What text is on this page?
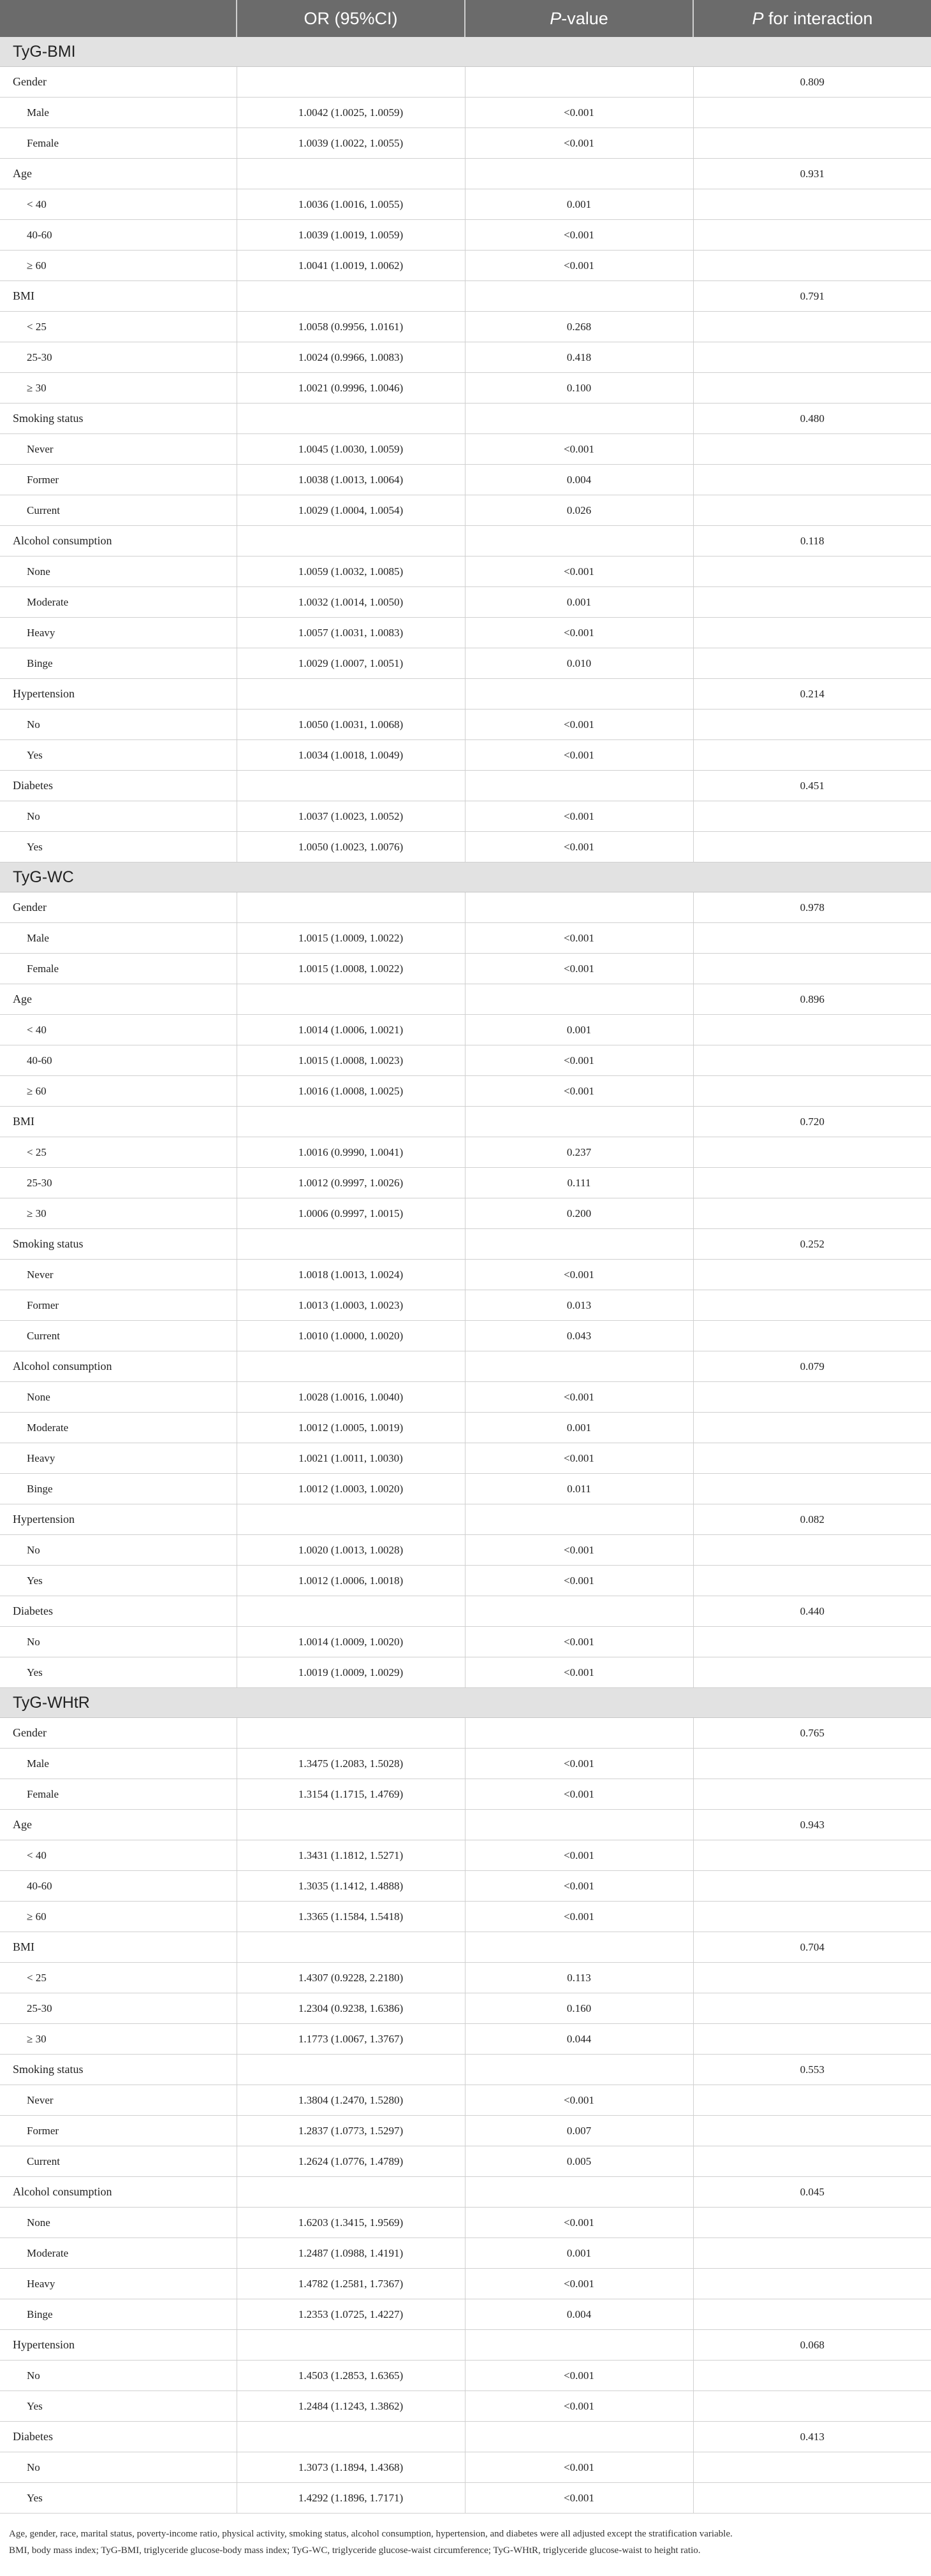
	OR (95%CI)	P-value	P for interaction
TyG-BMI			
Gender			0.809
Male	1.0042 (1.0025, 1.0059)	<0.001	
Female	1.0039 (1.0022, 1.0055)	<0.001	
Age			0.931
< 40	1.0036 (1.0016, 1.0055)	0.001	
40-60	1.0039 (1.0019, 1.0059)	<0.001	
≥ 60	1.0041 (1.0019, 1.0062)	<0.001	
BMI			0.791
< 25	1.0058 (0.9956, 1.0161)	0.268	
25-30	1.0024 (0.9966, 1.0083)	0.418	
≥ 30	1.0021 (0.9996, 1.0046)	0.100	
Smoking status			0.480
Never	1.0045 (1.0030, 1.0059)	<0.001	
Former	1.0038 (1.0013, 1.0064)	0.004	
Current	1.0029 (1.0004, 1.0054)	0.026	
Alcohol consumption			0.118
None	1.0059 (1.0032, 1.0085)	<0.001	
Moderate	1.0032 (1.0014, 1.0050)	0.001	
Heavy	1.0057 (1.0031, 1.0083)	<0.001	
Binge	1.0029 (1.0007, 1.0051)	0.010	
Hypertension			0.214
No	1.0050 (1.0031, 1.0068)	<0.001	
Yes	1.0034 (1.0018, 1.0049)	<0.001	
Diabetes			0.451
No	1.0037 (1.0023, 1.0052)	<0.001	
Yes	1.0050 (1.0023, 1.0076)	<0.001	
TyG-WC			
Gender			0.978
Male	1.0015 (1.0009, 1.0022)	<0.001	
Female	1.0015 (1.0008, 1.0022)	<0.001	
Age			0.896
< 40	1.0014 (1.0006, 1.0021)	0.001	
40-60	1.0015 (1.0008, 1.0023)	<0.001	
≥ 60	1.0016 (1.0008, 1.0025)	<0.001	
BMI			0.720
< 25	1.0016 (0.9990, 1.0041)	0.237	
25-30	1.0012 (0.9997, 1.0026)	0.111	
≥ 30	1.0006 (0.9997, 1.0015)	0.200	
Smoking status			0.252
Never	1.0018 (1.0013, 1.0024)	<0.001	
Former	1.0013 (1.0003, 1.0023)	0.013	
Current	1.0010 (1.0000, 1.0020)	0.043	
Alcohol consumption			0.079
None	1.0028 (1.0016, 1.0040)	<0.001	
Moderate	1.0012 (1.0005, 1.0019)	0.001	
Heavy	1.0021 (1.0011, 1.0030)	<0.001	
Binge	1.0012 (1.0003, 1.0020)	0.011	
Hypertension			0.082
No	1.0020 (1.0013, 1.0028)	<0.001	
Yes	1.0012 (1.0006, 1.0018)	<0.001	
Diabetes			0.440
No	1.0014 (1.0009, 1.0020)	<0.001	
Yes	1.0019 (1.0009, 1.0029)	<0.001	
TyG-WHtR			
Gender			0.765
Male	1.3475 (1.2083, 1.5028)	<0.001	
Female	1.3154 (1.1715, 1.4769)	<0.001	
Age			0.943
< 40	1.3431 (1.1812, 1.5271)	<0.001	
40-60	1.3035 (1.1412, 1.4888)	<0.001	
≥ 60	1.3365 (1.1584, 1.5418)	<0.001	
BMI			0.704
< 25	1.4307 (0.9228, 2.2180)	0.113	
25-30	1.2304 (0.9238, 1.6386)	0.160	
≥ 30	1.1773 (1.0067, 1.3767)	0.044	
Smoking status			0.553
Never	1.3804 (1.2470, 1.5280)	<0.001	
Former	1.2837 (1.0773, 1.5297)	0.007	
Current	1.2624 (1.0776, 1.4789)	0.005	
Alcohol consumption			0.045
None	1.6203 (1.3415, 1.9569)	<0.001	
Moderate	1.2487 (1.0988, 1.4191)	0.001	
Heavy	1.4782 (1.2581, 1.7367)	<0.001	
Binge	1.2353 (1.0725, 1.4227)	0.004	
Hypertension			0.068
No	1.4503 (1.2853, 1.6365)	<0.001	
Yes	1.2484 (1.1243, 1.3862)	<0.001	
Diabetes			0.413
No	1.3073 (1.1894, 1.4368)	<0.001	
Yes	1.4292 (1.1896, 1.7171)	<0.001	
Age, gender, race, marital status, poverty-income ratio, physical activity, smoking status, alcohol consumption, hypertension, and diabetes were all adjusted except the stratification variable.
BMI, body mass index; TyG-BMI, triglyceride glucose-body mass index; TyG-WC, triglyceride glucose-waist circumference; TyG-WHtR, triglyceride glucose-waist to height ratio.
